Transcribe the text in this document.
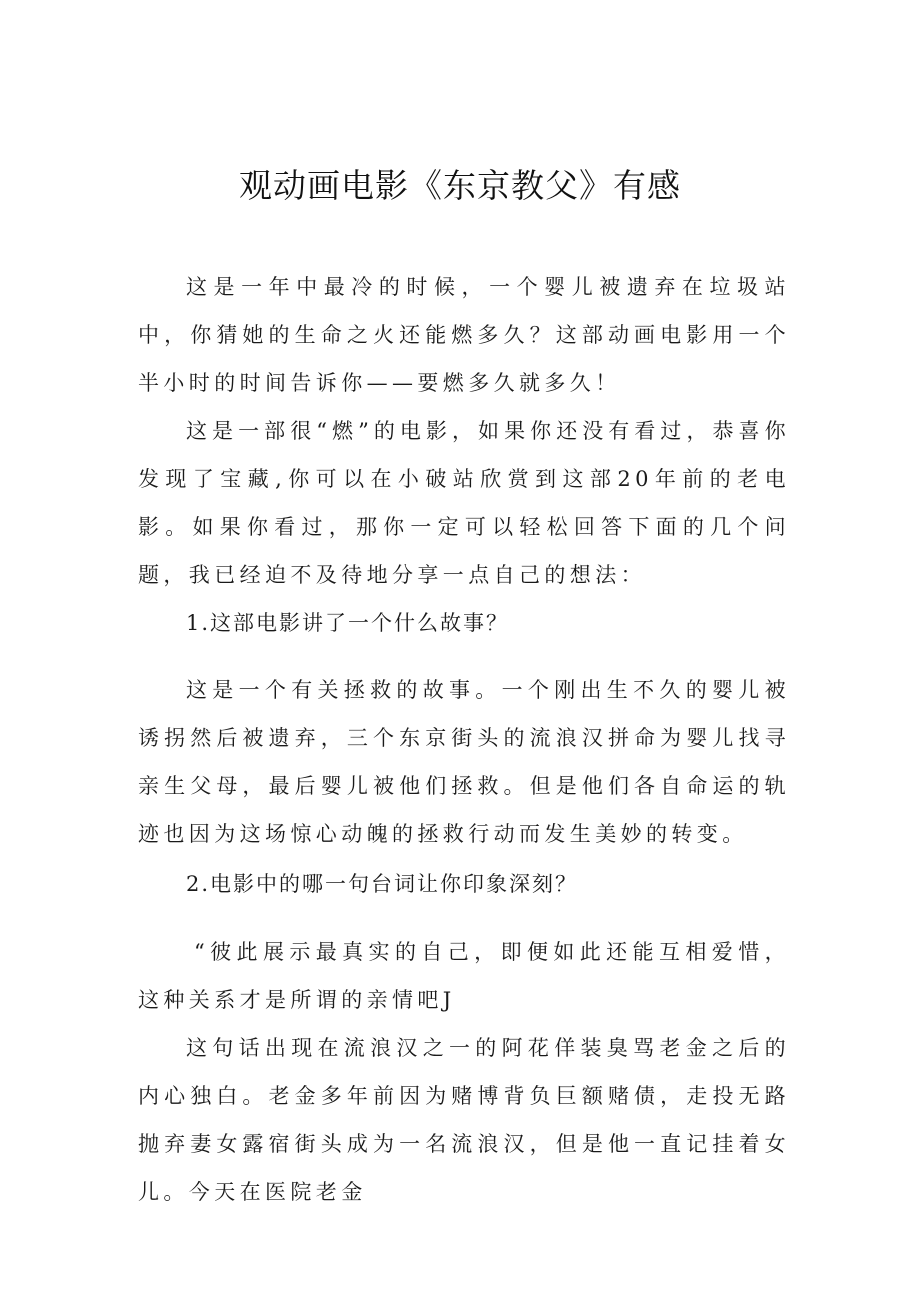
观动画电影《东京教父》有感
这是一年中最冷的时候，一个婴儿被遗弃在垃圾站中，你猜她的生命之火还能燃多久？这部动画电影用一个半小时的时间告诉你——要燃多久就多久！
这是一部很“燃”的电影，如果你还没有看过，恭喜你发现了宝藏,你可以在小破站欣赏到这部20年前的老电影。如果你看过，那你一定可以轻松回答下面的几个问题，我已经迫不及待地分享一点自己的想法：
1.这部电影讲了一个什么故事？
这是一个有关拯救的故事。一个刚出生不久的婴儿被诱拐然后被遗弃，三个东京街头的流浪汉拼命为婴儿找寻亲生父母，最后婴儿被他们拯救。但是他们各自命运的轨迹也因为这场惊心动魄的拯救行动而发生美妙的转变。
2.电影中的哪一句台词让你印象深刻？
“彼此展示最真实的自己，即便如此还能互相爱惜，这种关系才是所谓的亲情吧J
这句话出现在流浪汉之一的阿花佯装臭骂老金之后的内心独白。老金多年前因为赌博背负巨额赌债，走投无路抛弃妻女露宿街头成为一名流浪汉，但是他一直记挂着女儿。今天在医院老金
